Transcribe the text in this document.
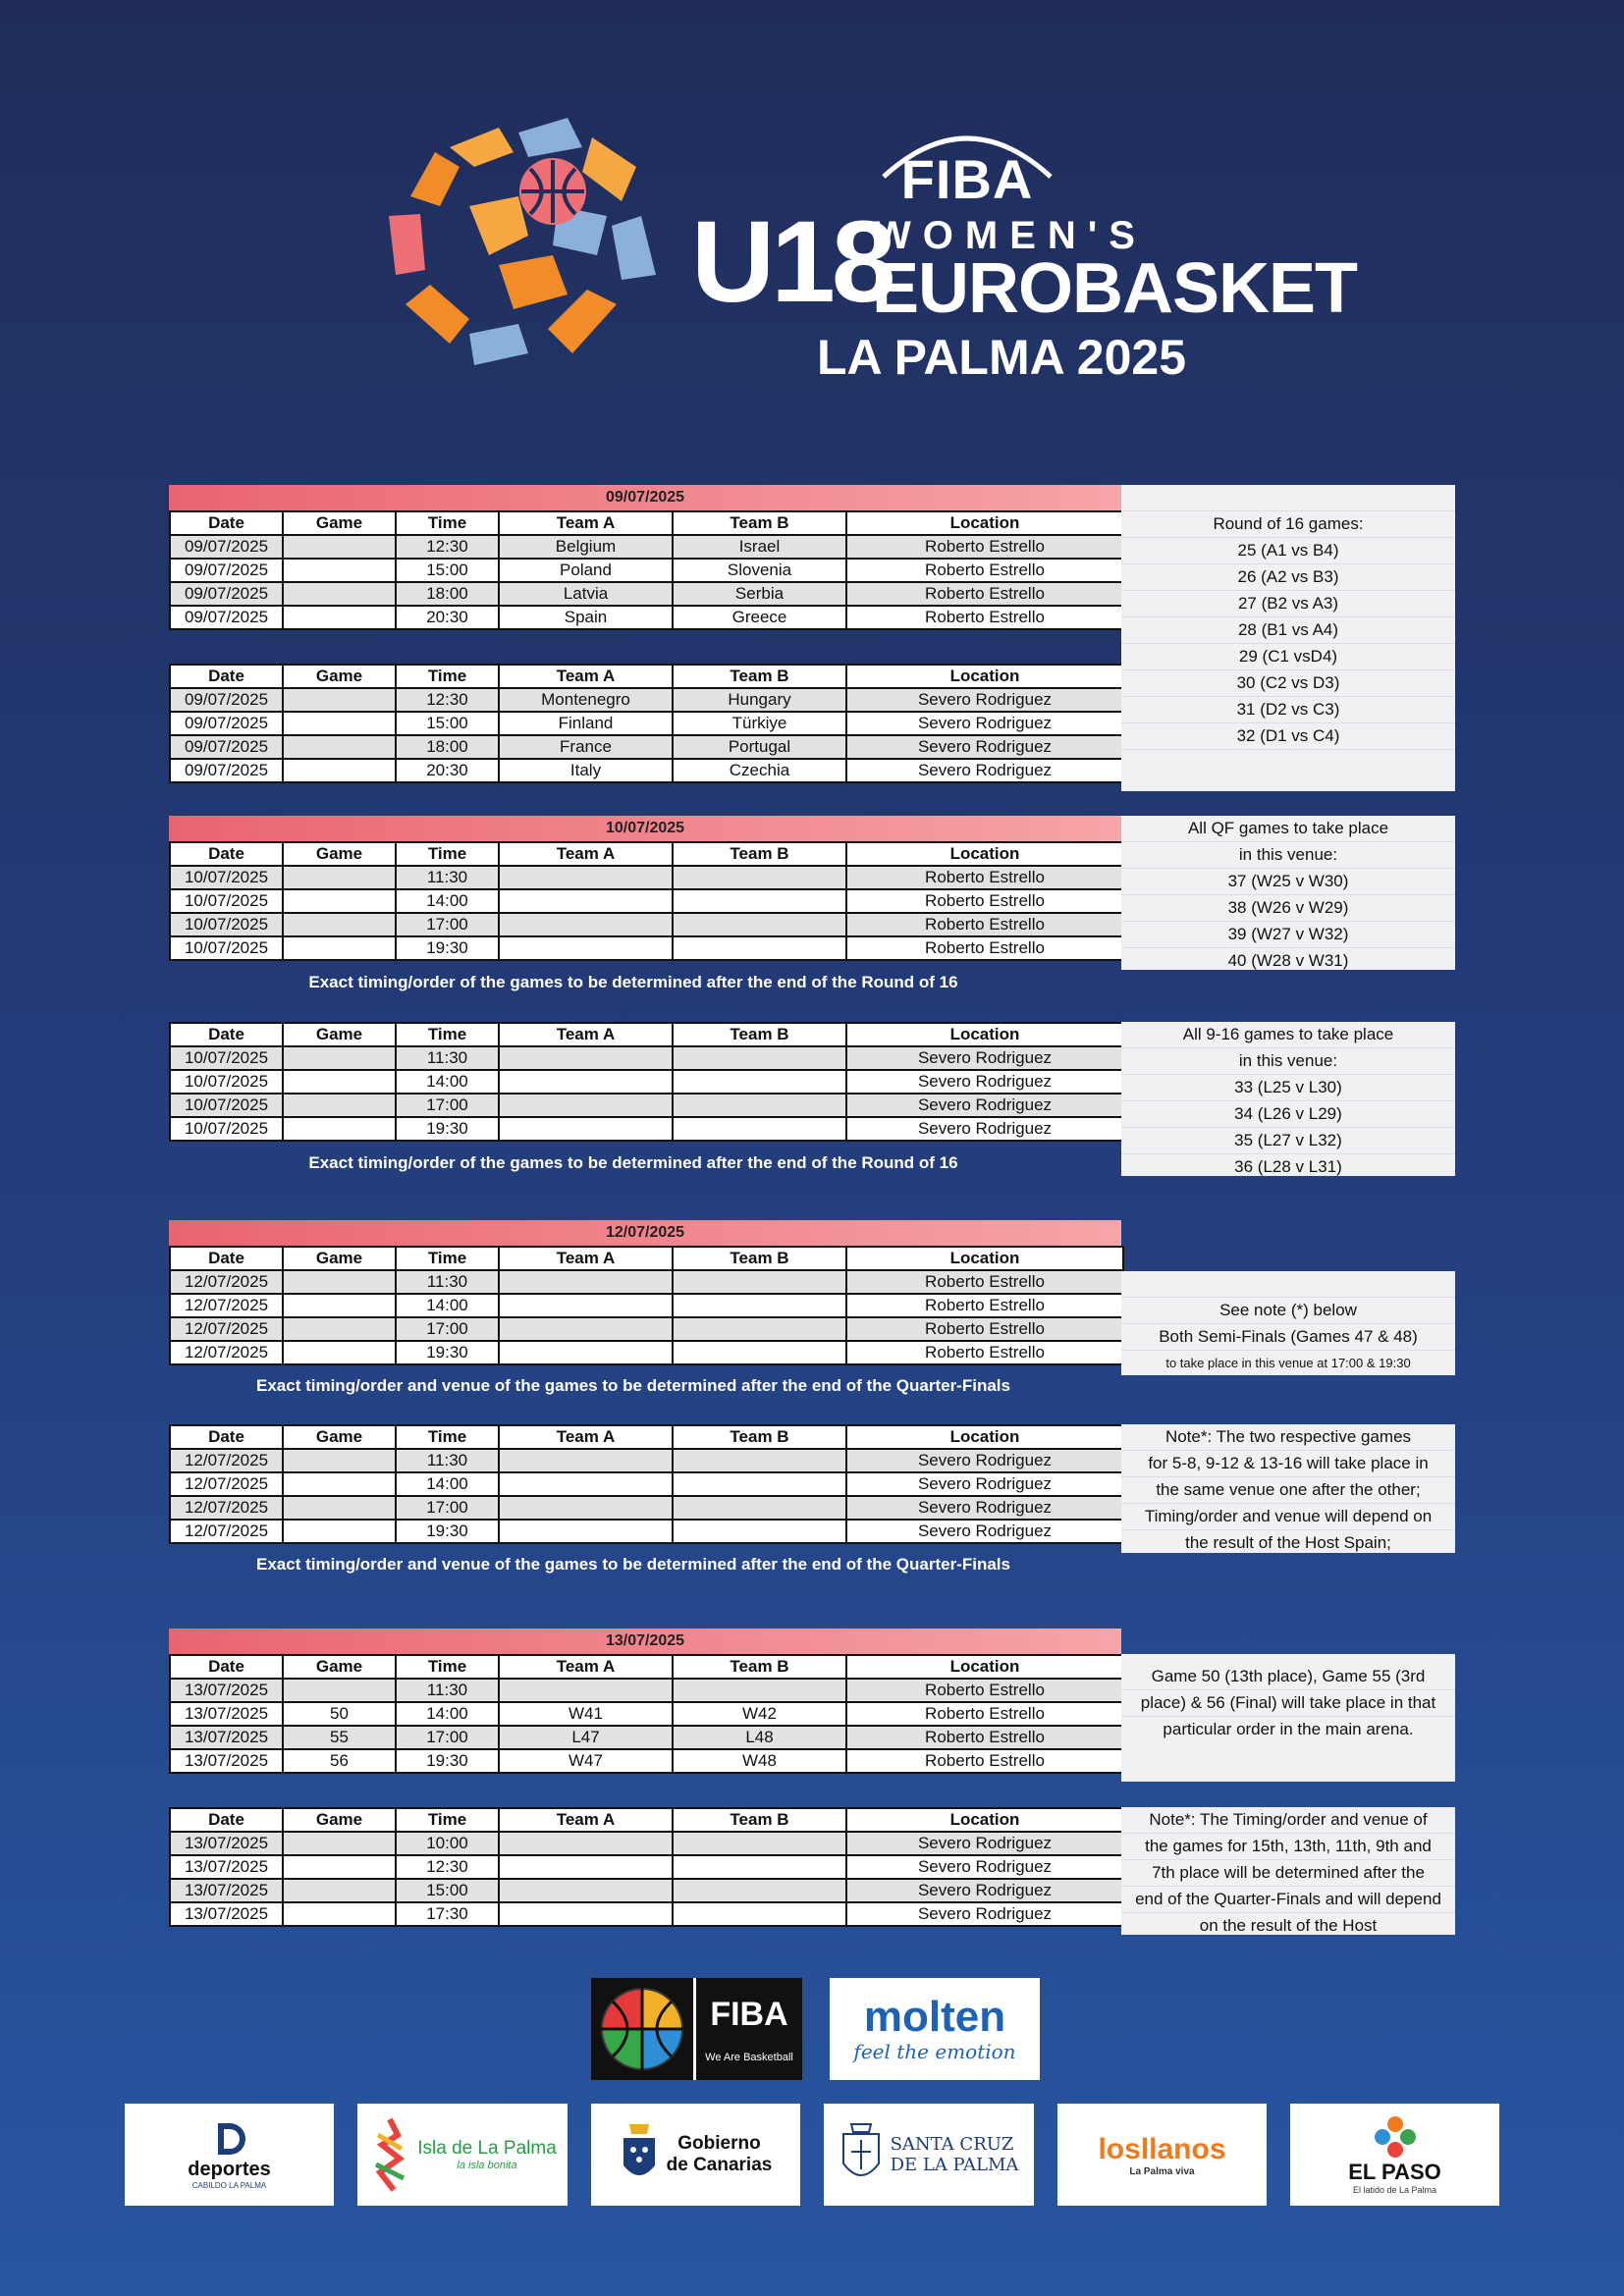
FIBA
U18
WOMEN'S
EUROBASKET
LA PALMA 2025
09/07/2025
Date	Game	Time	Team A	Team B	Location
09/07/2025		12:30	Belgium	Israel	Roberto Estrello
09/07/2025		15:00	Poland	Slovenia	Roberto Estrello
09/07/2025		18:00	Latvia	Serbia	Roberto Estrello
09/07/2025		20:30	Spain	Greece	Roberto Estrello
Date	Game	Time	Team A	Team B	Location
09/07/2025		12:30	Montenegro	Hungary	Severo Rodriguez
09/07/2025		15:00	Finland	Türkiye	Severo Rodriguez
09/07/2025		18:00	France	Portugal	Severo Rodriguez
09/07/2025		20:30	Italy	Czechia	Severo Rodriguez
Round of 16 games:
25 (A1 vs B4)
26 (A2 vs B3)
27 (B2 vs A3)
28 (B1 vs A4)
29 (C1 vsD4)
30 (C2 vs D3)
31 (D2 vs C3)
32 (D1 vs C4)
10/07/2025
Date	Game	Time	Team A	Team B	Location
10/07/2025		11:30			Roberto Estrello
10/07/2025		14:00			Roberto Estrello
10/07/2025		17:00			Roberto Estrello
10/07/2025		19:30			Roberto Estrello
Exact timing/order of the games to be determined after the end of the Round of 16
All QF games to take place
in this venue:
37 (W25 v W30)
38 (W26 v W29)
39 (W27 v W32)
40 (W28 v W31)
Date	Game	Time	Team A	Team B	Location
10/07/2025		11:30			Severo Rodriguez
10/07/2025		14:00			Severo Rodriguez
10/07/2025		17:00			Severo Rodriguez
10/07/2025		19:30			Severo Rodriguez
Exact timing/order of the games to be determined after the end of the Round of 16
All 9-16 games to take place
in this venue:
33 (L25 v L30)
34 (L26 v L29)
35 (L27 v L32)
36 (L28 v L31)
12/07/2025
Date	Game	Time	Team A	Team B	Location
12/07/2025		11:30			Roberto Estrello
12/07/2025		14:00			Roberto Estrello
12/07/2025		17:00			Roberto Estrello
12/07/2025		19:30			Roberto Estrello
Exact timing/order and venue of the games to be determined after the end of the Quarter-Finals
See note (*) below
Both Semi-Finals (Games 47 & 48)
to take place in this venue at 17:00 & 19:30
Date	Game	Time	Team A	Team B	Location
12/07/2025		11:30			Severo Rodriguez
12/07/2025		14:00			Severo Rodriguez
12/07/2025		17:00			Severo Rodriguez
12/07/2025		19:30			Severo Rodriguez
Exact timing/order and venue of the games to be determined after the end of the Quarter-Finals
Note*: The two respective games
for 5-8, 9-12 & 13-16 will take place in
the same venue one after the other;
Timing/order and venue will depend on
the result of the Host Spain;
13/07/2025
Date	Game	Time	Team A	Team B	Location
13/07/2025		11:30			Roberto Estrello
13/07/2025	50	14:00	W41	W42	Roberto Estrello
13/07/2025	55	17:00	L47	L48	Roberto Estrello
13/07/2025	56	19:30	W47	W48	Roberto Estrello
Game 50 (13th place), Game 55 (3rd
place) & 56 (Final) will take place in that
particular order in the main arena.
Date	Game	Time	Team A	Team B	Location
13/07/2025		10:00			Severo Rodriguez
13/07/2025		12:30			Severo Rodriguez
13/07/2025		15:00			Severo Rodriguez
13/07/2025		17:30			Severo Rodriguez
Note*: The Timing/order and venue of
the games for 15th, 13th, 11th, 9th and
7th place will be determined after the
end of the Quarter-Finals and will depend
on the result of the Host
FIBA
We Are Basketball
molten
feel the emotion
deportes
CABILDO LA PALMA
Isla de La Palma
la isla bonita
Gobierno
de Canarias
SANTA CRUZ
DE LA PALMA	losllanos
La Palma viva	EL PASO
El latido de La Palma
